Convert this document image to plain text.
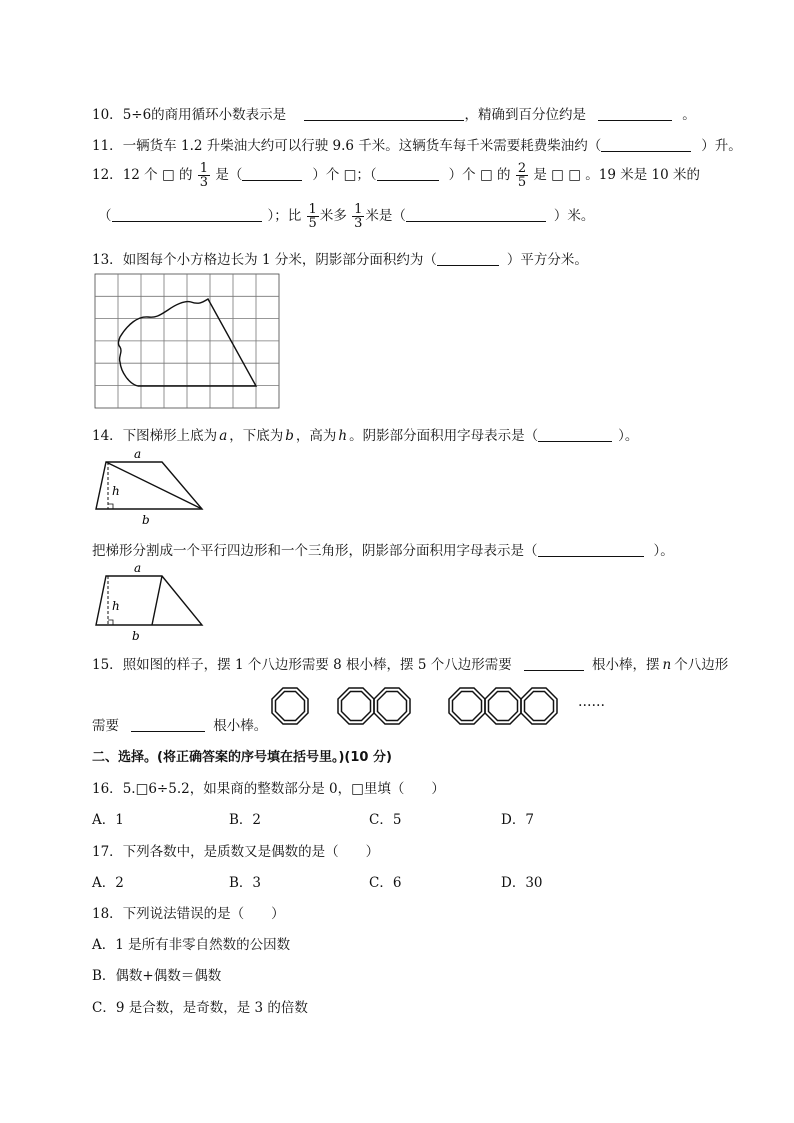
10．5÷6的商用循环小数表示是	，精确到百分位约是	。
11．一辆货车 1.2 升柴油大约可以行驶 9.6 千米。这辆货车每千米需要耗费柴油约（	）升。
12．12 个 □ 的 $\frac{1}{3}$ 是（	）个 □；（	）个 □ 的 $\frac{2}{5}$ 是 □ □ 。19 米是 10 米的
（	）；比 $\frac{1}{5}$ 米多 $\frac{1}{3}$ 米是（	）米。
13．如图每个小方格边长为 1 分米，阴影部分面积约为（	）平方分米。
14．下图梯形上底为 a ，下底为 b ，高为 h 。阴影部分面积用字母表示是（	）。
a
h
b
把梯形分割成一个平行四边形和一个三角形，阴影部分面积用字母表示是（	）。
a
h
b
15．照如图的样子，摆 1 个八边形需要 8 根小棒，摆 5 个八边形需要	根小棒，摆 n 个八边形
需要	根小棒。
……
二、选择。(将正确答案的序号填在括号里。)(10 分)
16．5.□6÷5.2，如果商的整数部分是 0，□里填（　　）
A．1	B．2	C．5	D．7
17．下列各数中，是质数又是偶数的是（　　）
A．2	B．3	C．6	D．30
18．下列说法错误的是（　　）
A．1 是所有非零自然数的公因数
B．偶数+偶数＝偶数
C．9 是合数，是奇数，是 3 的倍数
